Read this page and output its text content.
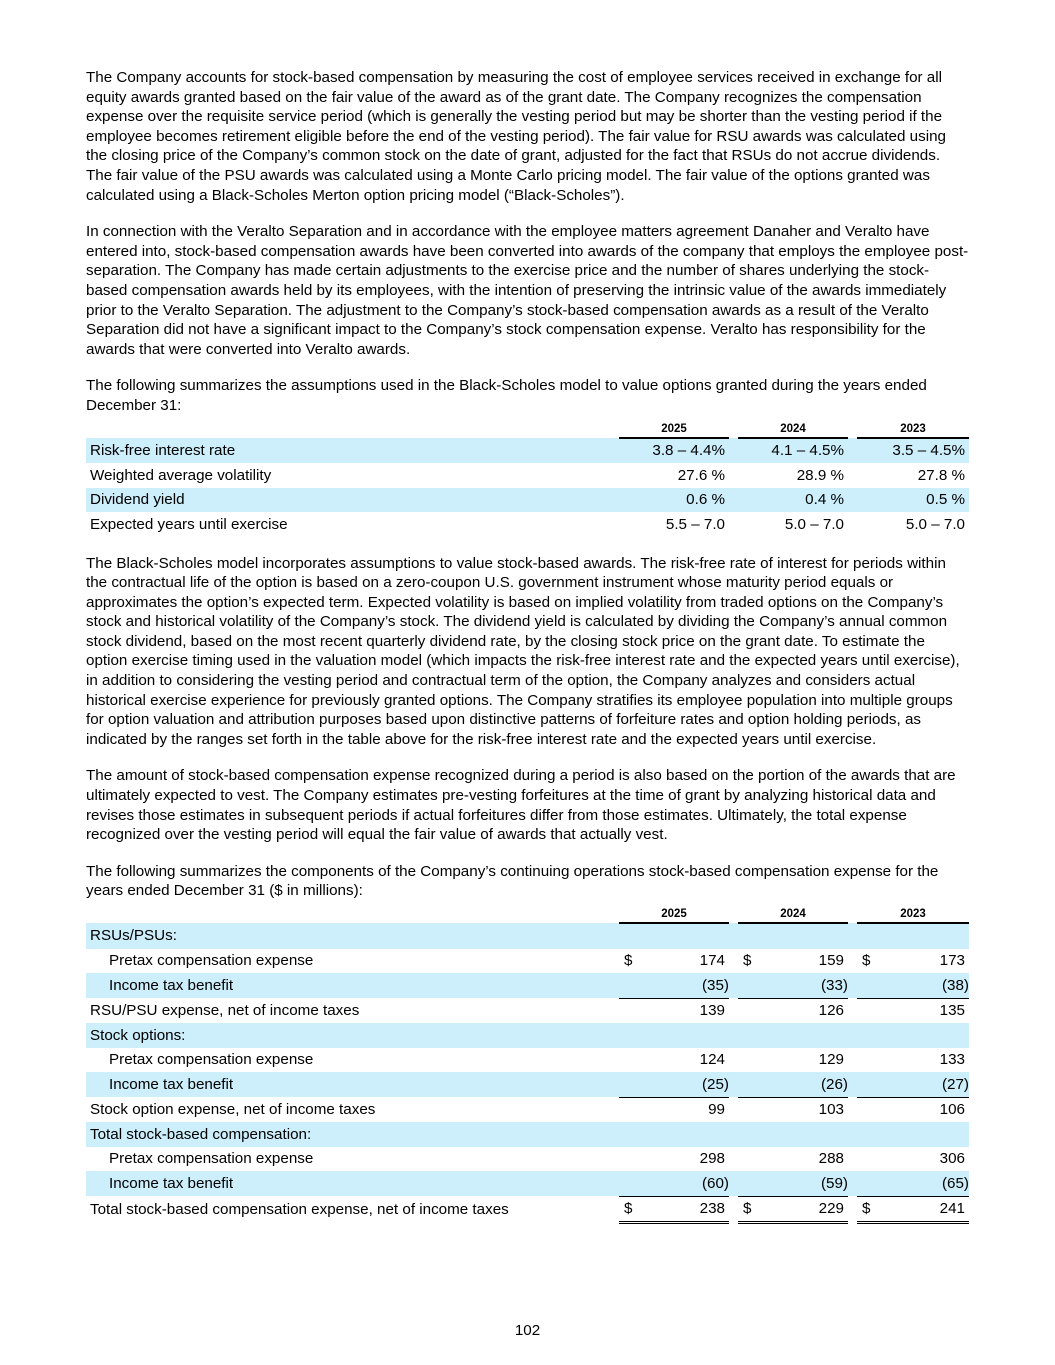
The Company accounts for stock-based compensation by measuring the cost of employee services received in exchange for all equity awards granted based on the fair value of the award as of the grant date. The Company recognizes the compensation expense over the requisite service period (which is generally the vesting period but may be shorter than the vesting period if the employee becomes retirement eligible before the end of the vesting period). The fair value for RSU awards was calculated using the closing price of the Company’s common stock on the date of grant, adjusted for the fact that RSUs do not accrue dividends. The fair value of the PSU awards was calculated using a Monte Carlo pricing model. The fair value of the options granted was calculated using a Black-Scholes Merton option pricing model (“Black-Scholes”).

In connection with the Veralto Separation and in accordance with the employee matters agreement Danaher and Veralto have entered into, stock-based compensation awards have been converted into awards of the company that employs the employee post-separation. The Company has made certain adjustments to the exercise price and the number of shares underlying the stock-based compensation awards held by its employees, with the intention of preserving the intrinsic value of the awards immediately prior to the Veralto Separation. The adjustment to the Company’s stock-based compensation awards as a result of the Veralto Separation did not have a significant impact to the Company’s stock compensation expense. Veralto has responsibility for the awards that were converted into Veralto awards.

The following summarizes the assumptions used in the Black-Scholes model to value options granted during the years ended December 31:

	2025		2024		2023
Risk-free interest rate	3.8 – 4.4%		4.1 – 4.5%		3.5 – 4.5%
Weighted average volatility	27.6 %		28.9 %		27.8 %
Dividend yield	0.6 %		0.4 %		0.5 %
Expected years until exercise	5.5 – 7.0		5.0 – 7.0		5.0 – 7.0

The Black-Scholes model incorporates assumptions to value stock-based awards. The risk-free rate of interest for periods within the contractual life of the option is based on a zero-coupon U.S. government instrument whose maturity period equals or approximates the option’s expected term. Expected volatility is based on implied volatility from traded options on the Company’s stock and historical volatility of the Company’s stock. The dividend yield is calculated by dividing the Company’s annual common stock dividend, based on the most recent quarterly dividend rate, by the closing stock price on the grant date. To estimate the option exercise timing used in the valuation model (which impacts the risk-free interest rate and the expected years until exercise), in addition to considering the vesting period and contractual term of the option, the Company analyzes and considers actual historical exercise experience for previously granted options. The Company stratifies its employee population into multiple groups for option valuation and attribution purposes based upon distinctive patterns of forfeiture rates and option holding periods, as indicated by the ranges set forth in the table above for the risk-free interest rate and the expected years until exercise.

The amount of stock-based compensation expense recognized during a period is also based on the portion of the awards that are ultimately expected to vest. The Company estimates pre-vesting forfeitures at the time of grant by analyzing historical data and revises those estimates in subsequent periods if actual forfeitures differ from those estimates. Ultimately, the total expense recognized over the vesting period will equal the fair value of awards that actually vest.

The following summarizes the components of the Company’s continuing operations stock-based compensation expense for the years ended December 31 ($ in millions):

	2025			2024			2023	
RSUs/PSUs:								
Pretax compensation expense	$	174		$	159		$	173
Income tax benefit		(35)			(33)			(38)
RSU/PSU expense, net of income taxes		139			126			135
Stock options:								
Pretax compensation expense		124			129			133
Income tax benefit		(25)			(26)			(27)
Stock option expense, net of income taxes		99			103			106
Total stock-based compensation:								
Pretax compensation expense		298			288			306
Income tax benefit		(60)			(59)			(65)
Total stock-based compensation expense, net of income taxes	$	238		$	229		$	241
102
